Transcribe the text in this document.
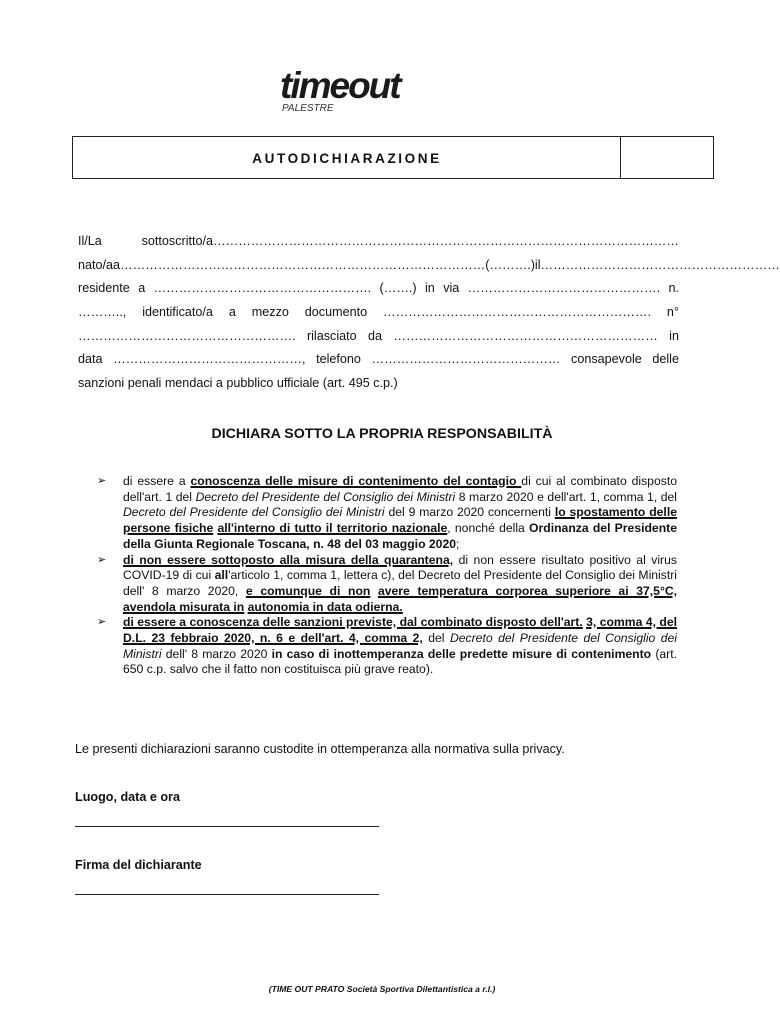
timeout
PALESTRE
AUTODICHIARAZIONE
Il/La	sottoscritto/a…………………………………………………………………………………………………
nato/a a ……………………………………………………………………………(……….) il…………………………………………………
residente a ……………………………………………. (…….) in via ………………………………………. n.
……….., identificato/a a mezzo documento ………………………………………………………. n°
……………………………………………. rilasciato da ……………………………………………………… in
data ………………………………………, telefono ……………………………………… consapevole delle
sanzioni penali mendaci a pubblico ufficiale (art. 495 c.p.)
DICHIARA SOTTO LA PROPRIA RESPONSABILITÀ
➢ di essere a conoscenza delle misure di contenimento del contagio di cui al combinato disposto dell'art. 1 del Decreto del Presidente del Consiglio dei Ministri 8 marzo 2020 e dell'art. 1, comma 1, del Decreto del Presidente del Consiglio dei Ministri del 9 marzo 2020 concernenti lo spostamento delle persone fisiche all'interno di tutto il territorio nazionale, nonché della Ordinanza del Presidente della Giunta Regionale Toscana, n. 48 del 03 maggio 2020;
➢ di non essere sottoposto alla misura della quarantena, di non essere risultato positivo al virus COVID-19 di cui all'articolo 1, comma 1, lettera c), del Decreto del Presidente del Consiglio dei Ministri dell' 8 marzo 2020, e comunque di non avere temperatura corporea superiore ai 37,5°C, avendola misurata in autonomia in data odierna.
➢ di essere a conoscenza delle sanzioni previste, dal combinato disposto dell'art. 3, comma 4, del D.L. 23 febbraio 2020, n. 6 e dell'art. 4, comma 2, del Decreto del Presidente del Consiglio dei Ministri dell' 8 marzo 2020 in caso di inottemperanza delle predette misure di contenimento (art. 650 c.p. salvo che il fatto non costituisca più grave reato).
Le presenti dichiarazioni saranno custodite in ottemperanza alla normativa sulla privacy.
Luogo, data e ora
Firma del dichiarante
(TIME OUT PRATO Società Sportiva Dilettantistica a r.l.)
